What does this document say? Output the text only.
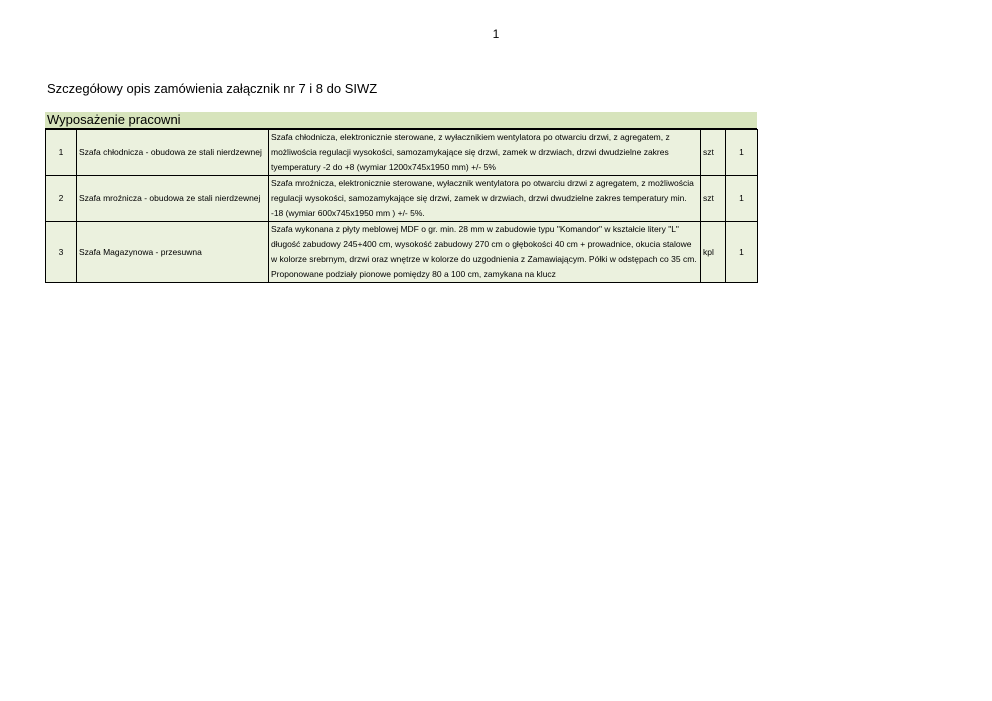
1
Szczegółowy opis zamówienia załącznik nr 7 i 8 do SIWZ
Wyposażenie pracowni
1	Szafa chłodnicza - obudowa ze stali nierdzewnej	Szafa chłodnicza, elektronicznie sterowane, z wyłacznikiem wentylatora po otwarciu drzwi, z agregatem, z możliwościa regulacji wysokości, samozamykające się drzwi, zamek w drzwiach, drzwi dwudzielne zakres tyemperatury -2 do +8 (wymiar 1200x745x1950 mm) +/- 5%	szt	1
2	Szafa mroźnicza - obudowa ze stali nierdzewnej	Szafa mroźnicza, elektronicznie sterowane, wyłacznik wentylatora po otwarciu drzwi z agregatem, z możliwościa regulacji wysokości, samozamykające się drzwi, zamek w drzwiach, drzwi dwudzielne zakres temperatury min. -18 (wymiar 600x745x1950 mm ) +/- 5%.	szt	1
3	Szafa Magazynowa - przesuwna	Szafa wykonana z płyty meblowej MDF o gr. min. 28 mm w zabudowie typu "Komandor" w kształcie litery "L" długość zabudowy 245+400 cm, wysokość zabudowy 270 cm o głębokości 40 cm + prowadnice, okucia stalowe w kolorze srebrnym, drzwi oraz wnętrze w kolorze do uzgodnienia z Zamawiającym. Półki w odstępach co 35 cm. Proponowane podziały pionowe pomiędzy 80 a 100 cm, zamykana na klucz	kpl	1
